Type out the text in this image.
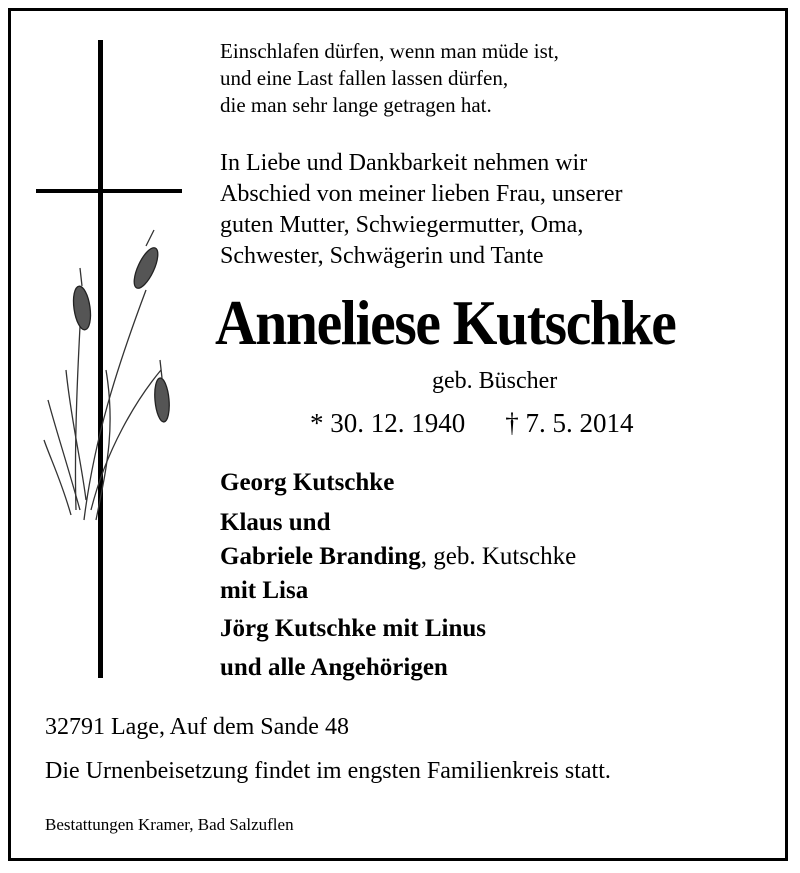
Einschlafen dürfen, wenn man müde ist,
und eine Last fallen lassen dürfen,
die man sehr lange getragen hat.
In Liebe und Dankbarkeit nehmen wir
Abschied von meiner lieben Frau, unserer
guten Mutter, Schwiegermutter, Oma,
Schwester, Schwägerin und Tante
Anneliese Kutschke
geb. Büscher
* 30. 12. 1940 † 7. 5. 2014
Georg Kutschke
Klaus und
Gabriele Branding, geb. Kutschke
mit Lisa
Jörg Kutschke mit Linus
und alle Angehörigen
32791 Lage, Auf dem Sande 48
Die Urnenbeisetzung findet im engsten Familienkreis statt.
Bestattungen Kramer, Bad Salzuflen
